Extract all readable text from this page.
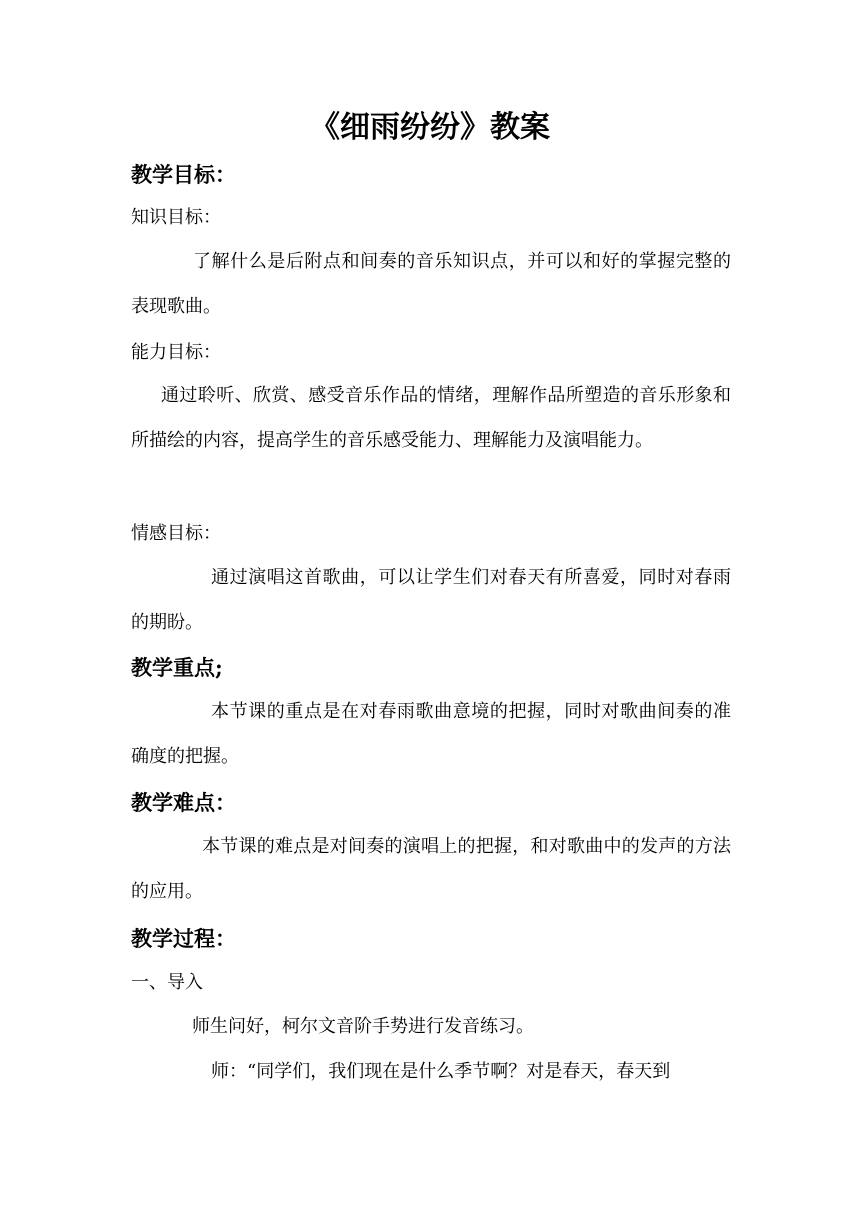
《细雨纷纷》教案
教学目标：
知识目标：

了解什么是后附点和间奏的音乐知识点，并可以和好的掌握完整的表现歌曲。

能力目标：

通过聆听、欣赏、感受音乐作品的情绪，理解作品所塑造的音乐形象和所描绘的内容，提高学生的音乐感受能力、理解能力及演唱能力。

情感目标：

通过演唱这首歌曲，可以让学生们对春天有所喜爱，同时对春雨的期盼。

教学重点;

本节课的重点是在对春雨歌曲意境的把握，同时对歌曲间奏的准确度的把握。

教学难点：

本节课的难点是对间奏的演唱上的把握，和对歌曲中的发声的方法的应用。

教学过程：
一、导入

师生问好，柯尔文音阶手势进行发音练习。

师：“同学们，我们现在是什么季节啊？对是春天，春天到
